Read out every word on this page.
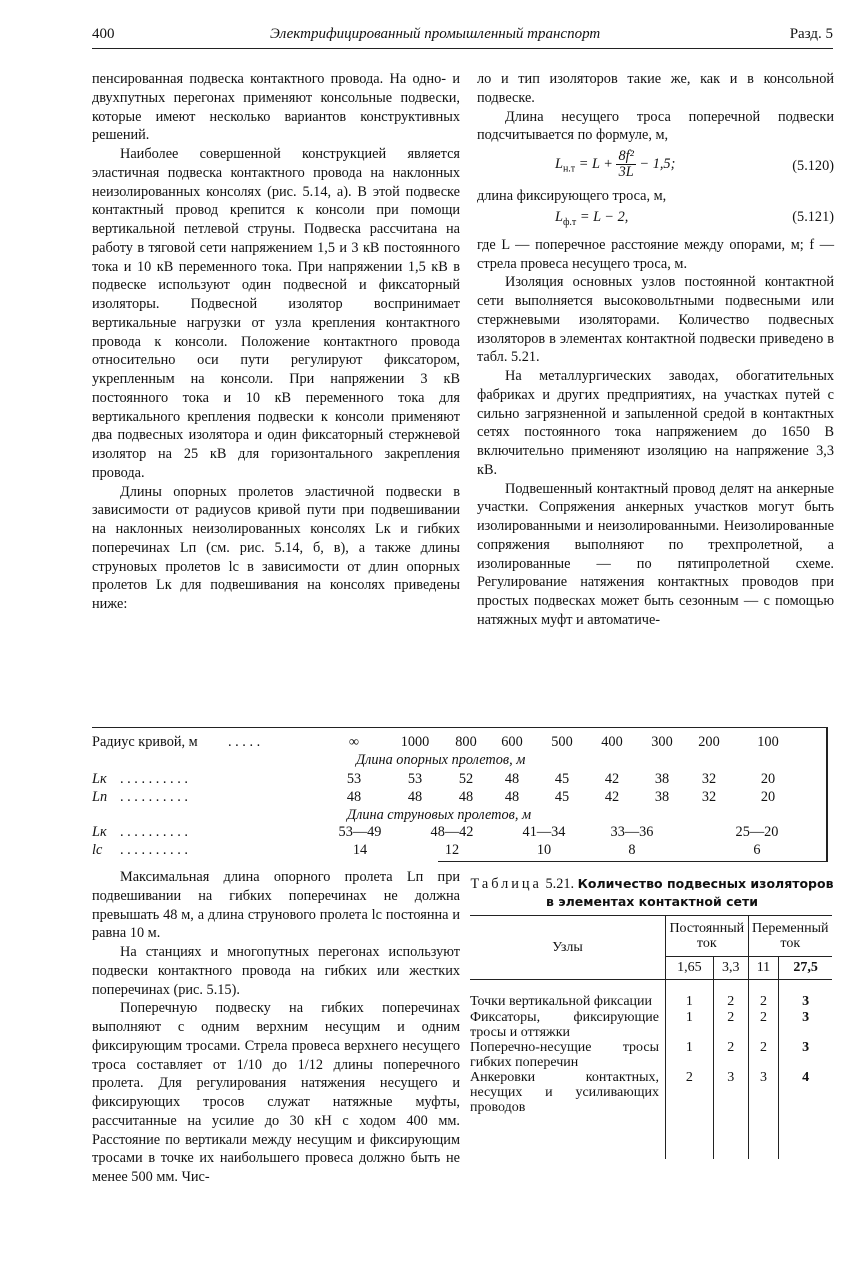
400	Электрифицированный промышленный транспорт	Разд. 5

пенсированная подвеска контактного провода. На одно- и двухпутных перегонах применяют консольные подвески, которые имеют несколько вариантов конструктивных решений.

Наиболее совершенной конструкцией является эластичная подвеска контактного провода на наклонных неизолированных консолях (рис. 5.14, а). В этой подвеске контактный провод крепится к консоли при помощи вертикальной петлевой струны. Подвеска рассчитана на работу в тяговой сети напряжением 1,5 и 3 кВ постоянного тока и 10 кВ переменного тока. При напряжении 1,5 кВ в подвеске используют один подвесной и фиксаторный изоляторы. Подвесной изолятор воспринимает вертикальные нагрузки от узла крепления контактного провода к консоли. Положение контактного провода относительно оси пути регулируют фиксатором, укрепленным на консоли. При напряжении 3 кВ постоянного тока и 10 кВ переменного тока для вертикального крепления подвески к консоли применяют два подвесных изолятора и один фиксаторный стержневой изолятор на 25 кВ для горизонтального закрепления провода.

Длины опорных пролетов эластичной подвески в зависимости от радиусов кривой пути при подвешивании на наклонных неизолированных консолях Lк и гибких поперечинах Lп (см. рис. 5.14, б, в), а также длины струновых пролетов lс в зависимости от длин опорных пролетов Lк для подвешивания на консолях приведены ниже:

ло и тип изоляторов такие же, как и в консольной подвеске.

Длина несущего троса поперечной подвески подсчитывается по формуле, м,

$L_{н.т} = L + \frac{\text{8f²}}{3L} - 1,5$;	(5.120)

длина фиксирующего троса, м,

$L_{ф.т} = L - 2$,	(5.121)

где L — поперечное расстояние между опорами, м; f — стрела провеса несущего троса, м.

Изоляция основных узлов постоянной контактной сети выполняется высоковольтными подвесными или стержневыми изоляторами. Количество подвесных изоляторов в элементах контактной подвески приведено в табл. 5.21.

На металлургических заводах, обогатительных фабриках и других предприятиях, на участках путей с сильно загрязненной и запыленной средой в контактных сетях постоянного тока напряжением до 1650 В включительно применяют изоляцию на напряжение 3,3 кВ.

Подвешенный контактный провод делят на анкерные участки. Сопряжения анкерных участков могут быть изолированными и неизолированными. Неизолированные сопряжения выполняют по трехпролетной, а изолированные — по пятипролетной схеме. Регулирование натяжения контактных проводов при простых подвесках может быть сезонным — с помощью натяжных муфт и автоматиче-

Радиус кривой, м . . . . .	∞	1000	800	600	500	400	300	200	100
Длина опорных пролетов, м
Lк . . . . . . . . . .	53	53	52	48	45	42	38	32	20
Lп . . . . . . . . . .	48	48	48	48	45	42	38	32	20
Длина струновых пролетов, м
Lк . . . . . . . . . .	53—49	48—42	41—34	33—36	25—20
lс . . . . . . . . . .	14	12	10	8	6

Максимальная длина опорного пролета Lп при подвешивании на гибких поперечинах не должна превышать 48 м, а длина струнового пролета lс постоянна и равна 10 м.

На станциях и многопутных перегонах используют подвески контактного провода на гибких или жестких поперечинах (рис. 5.15).

Поперечную подвеску на гибких поперечинах выполняют с одним верхним несущим и одним фиксирующим тросами. Стрела провеса верхнего несущего троса составляет от 1/10 до 1/12 длины поперечного пролета. Для регулирования натяжения несущего и фиксирующих тросов служат натяжные муфты, рассчитанные на усилие до 30 кН с ходом 400 мм. Расстояние по вертикали между несущим и фиксирующим тросами в точке их наибольшего провеса должно быть не менее 500 мм. Чис-

Таблица 5.21. Количество подвесных изоляторов в элементах контактной сети
Узлы	Постоянный ток		Переменный ток	
	1,65	3,3	11	27,5
Точки вертикальной фиксации	1	2	2	3
Фиксаторы, фиксирующие тросы и оттяжки	1	2	2	3
Поперечно-несущие тросы гибких поперечин	1	2	2	3
Анкеровки контактных, несущих и усиливающих проводов	2	3	3	4
